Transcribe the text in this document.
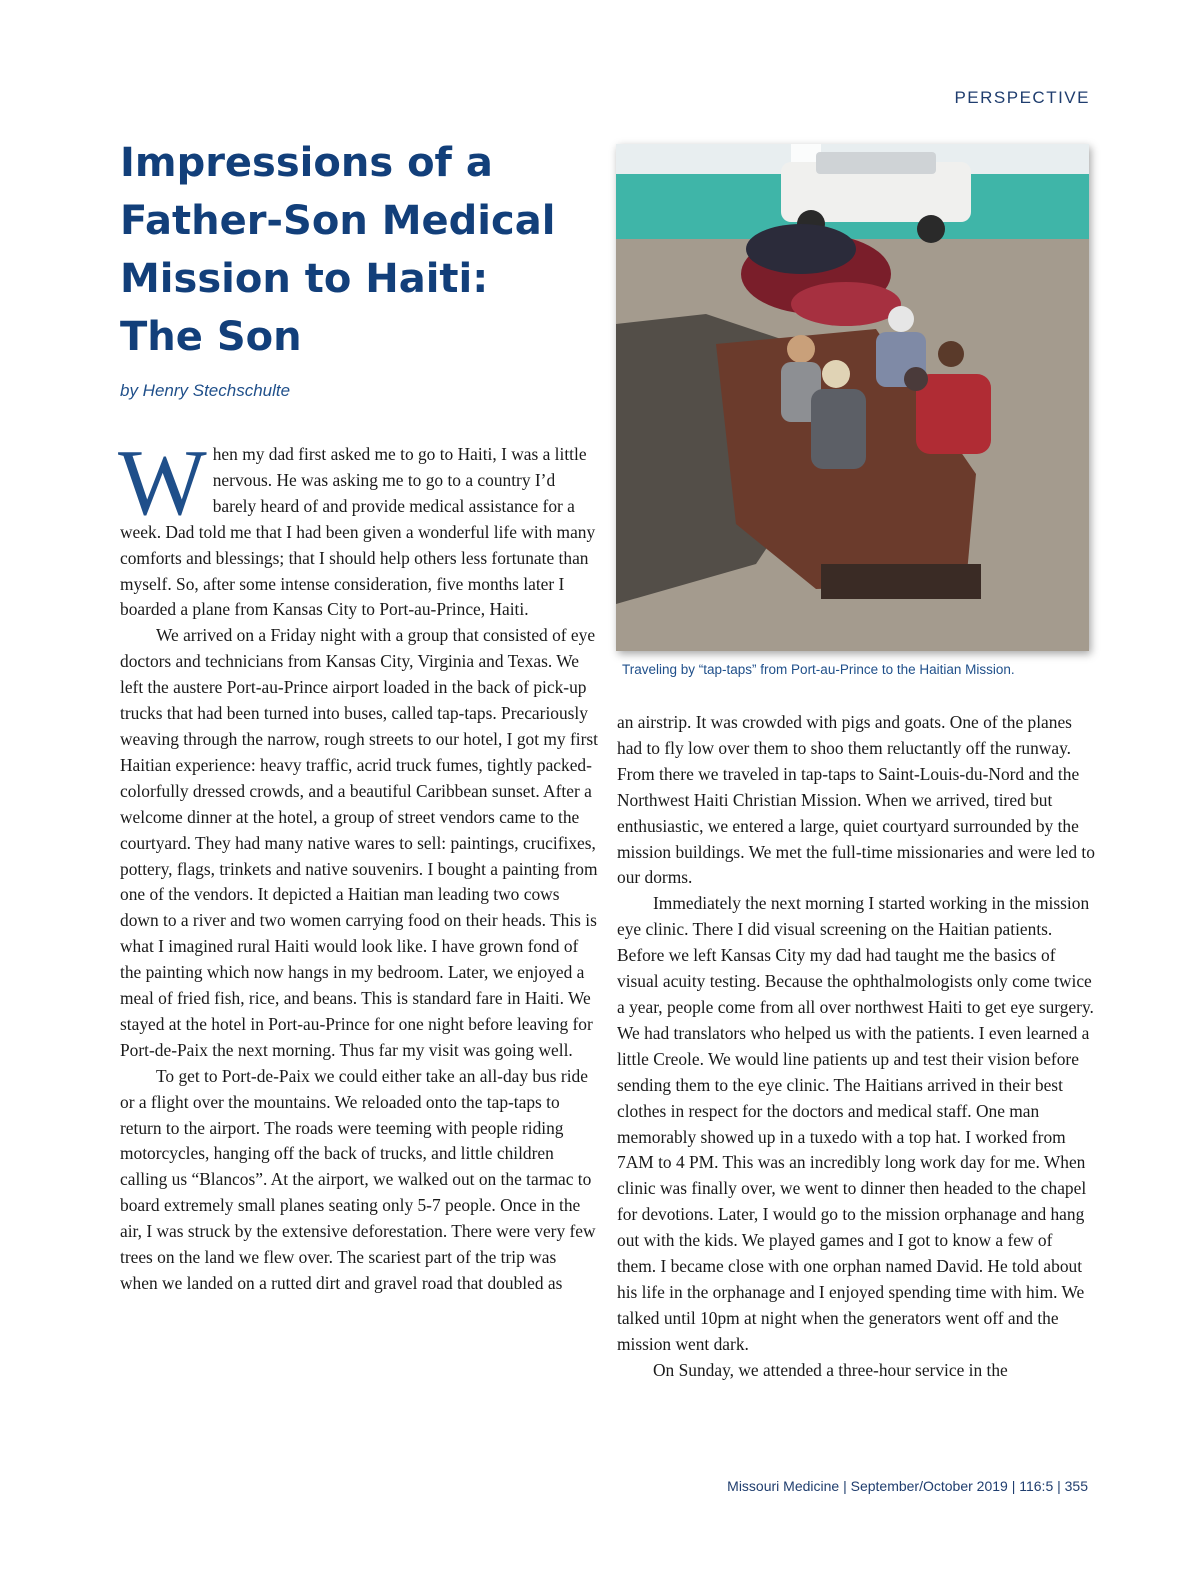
PERSPECTIVE
Impressions of a
Father-Son Medical
Mission to Haiti:
The Son
by Henry Stechschulte

When my dad first asked me to go to Haiti, I was a little nervous. He was asking me to go to a country I’d barely heard of and provide medical assistance for a week. Dad told me that I had been given a wonderful life with many comforts and blessings; that I should help others less fortunate than myself. So, after some intense consideration, five months later I boarded a plane from Kansas City to Port-au-Prince, Haiti.

We arrived on a Friday night with a group that consisted of eye doctors and technicians from Kansas City, Virginia and Texas. We left the austere Port-au-Prince airport loaded in the back of pick-up trucks that had been turned into buses, called tap-taps. Precariously weaving through the narrow, rough streets to our hotel, I got my first Haitian experience: heavy traffic, acrid truck fumes, tightly packed-colorfully dressed crowds, and a beautiful Caribbean sunset. After a welcome dinner at the hotel, a group of street vendors came to the courtyard. They had many native wares to sell: paintings, crucifixes, pottery, flags, trinkets and native souvenirs. I bought a painting from one of the vendors. It depicted a Haitian man leading two cows down to a river and two women carrying food on their heads. This is what I imagined rural Haiti would look like. I have grown fond of the painting which now hangs in my bedroom. Later, we enjoyed a meal of fried fish, rice, and beans. This is standard fare in Haiti. We stayed at the hotel in Port-au-Prince for one night before leaving for Port-de-Paix the next morning. Thus far my visit was going well.

To get to Port-de-Paix we could either take an all-day bus ride or a flight over the mountains. We reloaded onto the tap-taps to return to the airport. The roads were teeming with people riding motorcycles, hanging off the back of trucks, and little children calling us “Blancos”. At the airport, we walked out on the tarmac to board extremely small planes seating only 5-7 people. Once in the air, I was struck by the extensive deforestation. There were very few trees on the land we flew over. The scariest part of the trip was when we landed on a rutted dirt and gravel road that doubled as

Traveling by “tap-taps” from Port-au-Prince to the Haitian Mission.

an airstrip. It was crowded with pigs and goats. One of the planes had to fly low over them to shoo them reluctantly off the runway. From there we traveled in tap-taps to Saint-Louis-du-Nord and the Northwest Haiti Christian Mission. When we arrived, tired but enthusiastic, we entered a large, quiet courtyard surrounded by the mission buildings. We met the full-time missionaries and were led to our dorms.

Immediately the next morning I started working in the mission eye clinic. There I did visual screening on the Haitian patients. Before we left Kansas City my dad had taught me the basics of visual acuity testing. Because the ophthalmologists only come twice a year, people come from all over northwest Haiti to get eye surgery. We had translators who helped us with the patients. I even learned a little Creole. We would line patients up and test their vision before sending them to the eye clinic. The Haitians arrived in their best clothes in respect for the doctors and medical staff. One man memorably showed up in a tuxedo with a top hat. I worked from 7AM to 4 PM. This was an incredibly long work day for me. When clinic was finally over, we went to dinner then headed to the chapel for devotions. Later, I would go to the mission orphanage and hang out with the kids. We played games and I got to know a few of them. I became close with one orphan named David. He told about his life in the orphanage and I enjoyed spending time with him. We talked until 10pm at night when the generators went off and the mission went dark.

On Sunday, we attended a three-hour service in the

Missouri Medicine | September/October 2019 | 116:5 | 355
